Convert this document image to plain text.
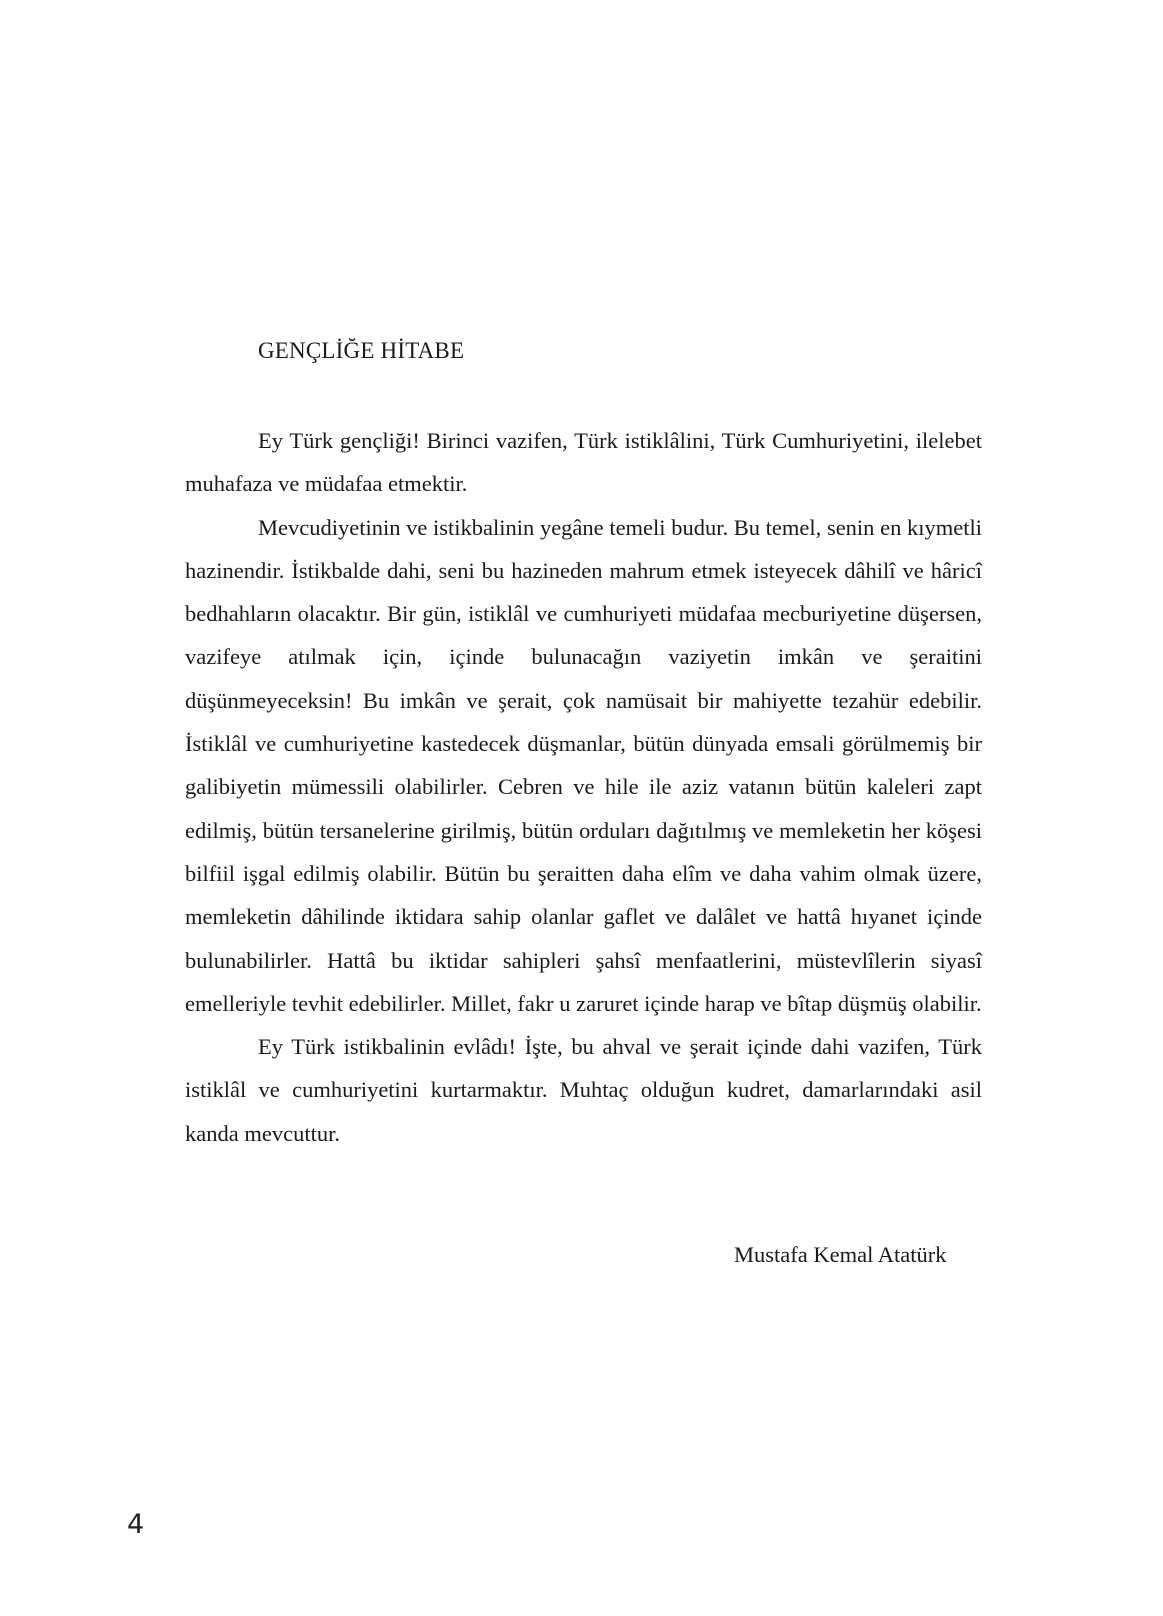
GENÇLİĞE HİTABE

Ey Türk gençliği! Birinci vazifen, Türk istiklâlini, Türk Cumhuriyetini, ilelebet muhafaza ve müdafaa etmektir.

Mevcudiyetinin ve istikbalinin yegâne temeli budur. Bu temel, senin en kıymetli hazinendir. İstikbalde dahi, seni bu hazineden mahrum etmek isteyecek dâhilî ve hâricî bedhahların olacaktır. Bir gün, istiklâl ve cumhuriyeti müdafaa mecburiyetine düşersen, vazifeye atılmak için, içinde bulunacağın vaziyetin imkân ve şeraitini düşünmeyeceksin! Bu imkân ve şerait, çok namüsait bir mahiyette tezahür edebilir. İstiklâl ve cumhuriyetine kastedecek düşmanlar, bütün dünyada emsali görülmemiş bir galibiyetin mümessili olabilirler. Cebren ve hile ile aziz vatanın bütün kaleleri zapt edilmiş, bütün tersanelerine girilmiş, bütün orduları dağıtılmış ve memleketin her köşesi bilfiil işgal edilmiş olabilir. Bütün bu şeraitten daha elîm ve daha vahim olmak üzere, memleketin dâhilinde iktidara sahip olanlar gaflet ve dalâlet ve hattâ hıyanet içinde bulunabilirler. Hattâ bu iktidar sahipleri şahsî menfaatlerini, müstevlîlerin siyasî emelleriyle tevhit edebilirler. Millet, fakr u zaruret içinde harap ve bîtap düşmüş olabilir.

Ey Türk istikbalinin evlâdı! İşte, bu ahval ve şerait içinde dahi vazifen, Türk istiklâl ve cumhuriyetini kurtarmaktır. Muhtaç olduğun kudret, damarlarındaki asil kanda mevcuttur.

Mustafa Kemal Atatürk
4
